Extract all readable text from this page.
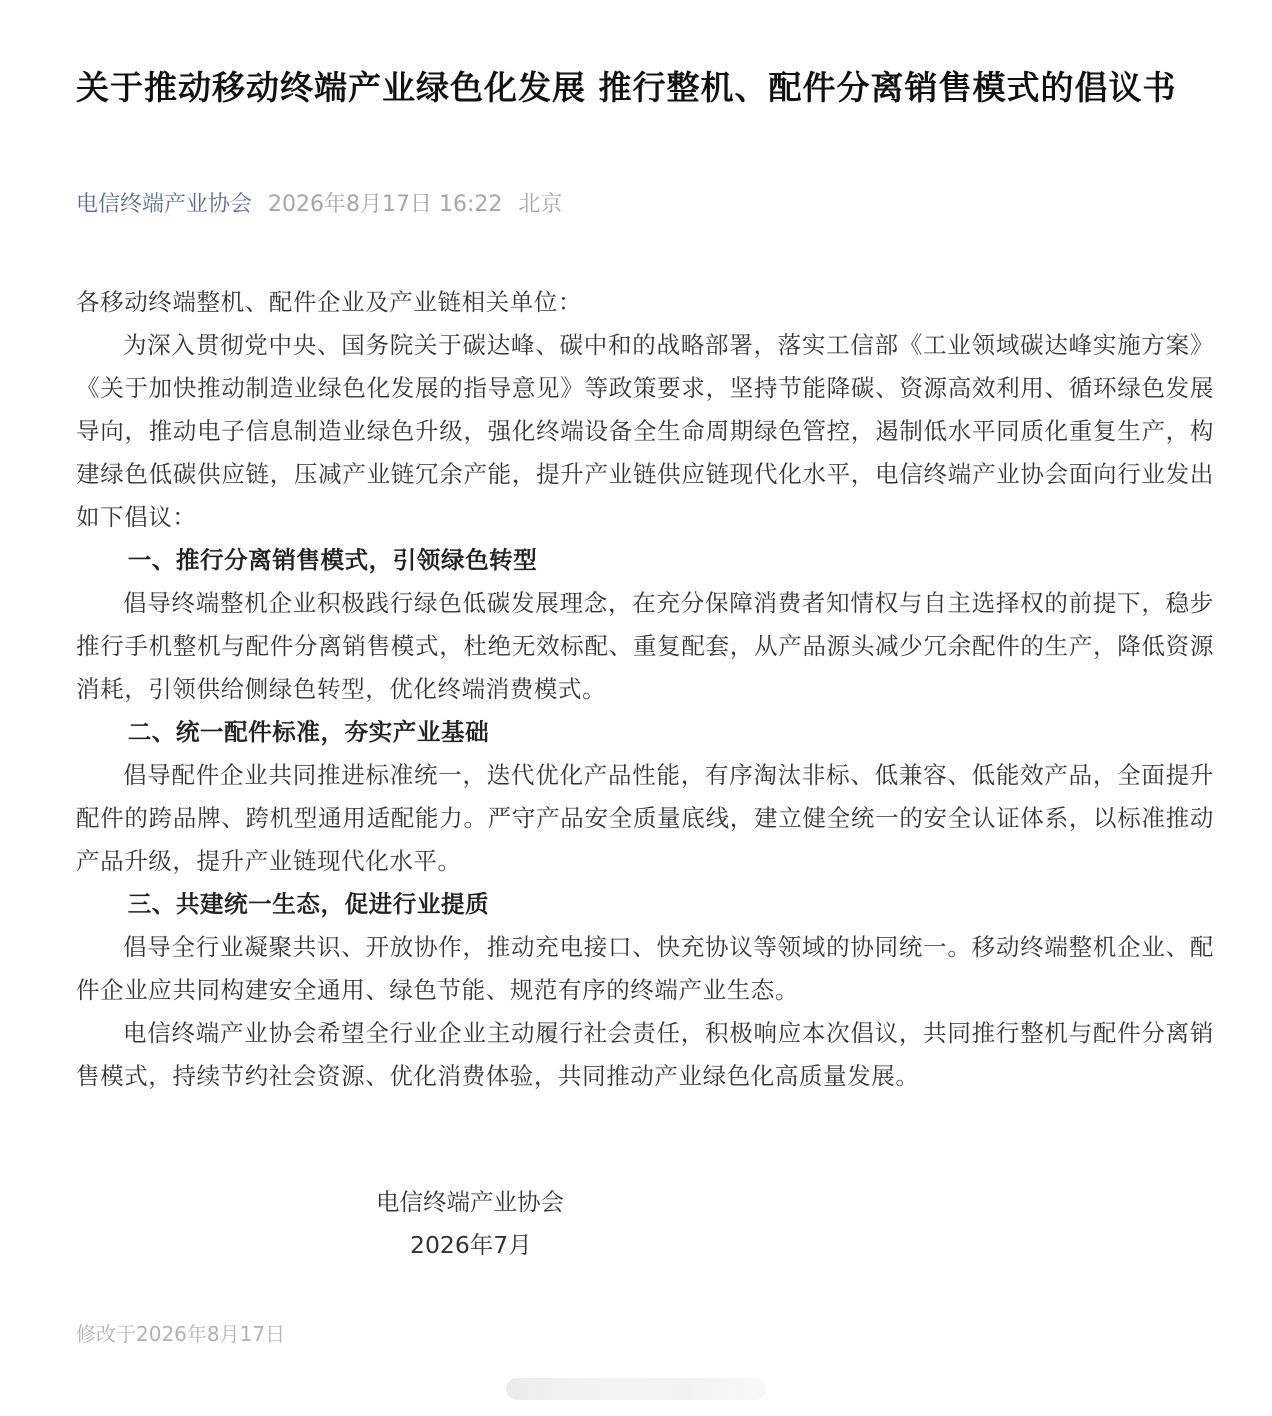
关于推动移动终端产业绿色化发展 推行整机、配件分离销售模式的倡议书
电信终端产业协会 2026年8月17日 16:22 北京

各移动终端整机、配件企业及产业链相关单位：

为深入贯彻党中央、国务院关于碳达峰、碳中和的战略部署，落实工信部《工业领域碳达峰实施方案》《关于加快推动制造业绿色化发展的指导意见》等政策要求，坚持节能降碳、资源高效利用、循环绿色发展导向，推动电子信息制造业绿色升级，强化终端设备全生命周期绿色管控，遏制低水平同质化重复生产，构建绿色低碳供应链，压减产业链冗余产能，提升产业链供应链现代化水平，电信终端产业协会面向行业发出如下倡议：

一、推行分离销售模式，引领绿色转型

倡导终端整机企业积极践行绿色低碳发展理念，在充分保障消费者知情权与自主选择权的前提下，稳步推行手机整机与配件分离销售模式，杜绝无效标配、重复配套，从产品源头减少冗余配件的生产，降低资源消耗，引领供给侧绿色转型，优化终端消费模式。

二、统一配件标准，夯实产业基础

倡导配件企业共同推进标准统一，迭代优化产品性能，有序淘汰非标、低兼容、低能效产品，全面提升配件的跨品牌、跨机型通用适配能力。严守产品安全质量底线，建立健全统一的安全认证体系，以标准推动产品升级，提升产业链现代化水平。

三、共建统一生态，促进行业提质

倡导全行业凝聚共识、开放协作，推动充电接口、快充协议等领域的协同统一。移动终端整机企业、配件企业应共同构建安全通用、绿色节能、规范有序的终端产业生态。

电信终端产业协会希望全行业企业主动履行社会责任，积极响应本次倡议，共同推行整机与配件分离销售模式，持续节约社会资源、优化消费体验，共同推动产业绿色化高质量发展。

电信终端产业协会
2026年7月
修改于2026年8月17日
